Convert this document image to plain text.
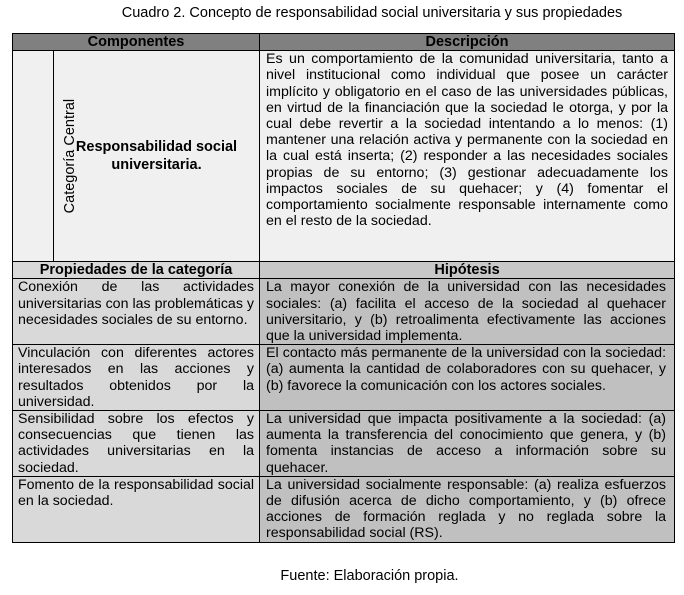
Cuadro 2. Concepto de responsabilidad social universitaria y sus propiedades
Componentes		Descripción
Categoría Central	Responsabilidad social universitaria.	Es un comportamiento de la comunidad universitaria, tanto a nivel institucional como individual que posee un carácter implícito y obligatorio en el caso de las universidades públicas, en virtud de la financiación que la sociedad le otorga, y por la cual debe revertir a la sociedad intentando a lo menos: (1) mantener una relación activa y permanente con la sociedad en la cual está inserta; (2) responder a las necesidades sociales propias de su entorno; (3) gestionar adecuadamente los impactos sociales de su quehacer; y (4) fomentar el comportamiento socialmente responsable internamente como en el resto de la sociedad.
Propiedades de la categoría		Hipótesis
Conexión de las actividades universitarias con las problemáticas y necesidades sociales de su entorno.		La mayor conexión de la universidad con las necesidades sociales: (a) facilita el acceso de la sociedad al quehacer universitario, y (b) retroalimenta efectivamente las acciones que la universidad implementa.
Vinculación con diferentes actores interesados en las acciones y resultados obtenidos por la universidad.		El contacto más permanente de la universidad con la sociedad: (a) aumenta la cantidad de colaboradores con su quehacer, y (b) favorece la comunicación con los actores sociales.
Sensibilidad sobre los efectos y consecuencias que tienen las actividades universitarias en la sociedad.		La universidad que impacta positivamente a la sociedad: (a) aumenta la transferencia del conocimiento que genera, y (b) fomenta instancias de acceso a información sobre su quehacer.
Fomento de la responsabilidad social en la sociedad.		La universidad socialmente responsable: (a) realiza esfuerzos de difusión acerca de dicho comportamiento, y (b) ofrece acciones de formación reglada y no reglada sobre la responsabilidad social (RS).
Fuente: Elaboración propia.
